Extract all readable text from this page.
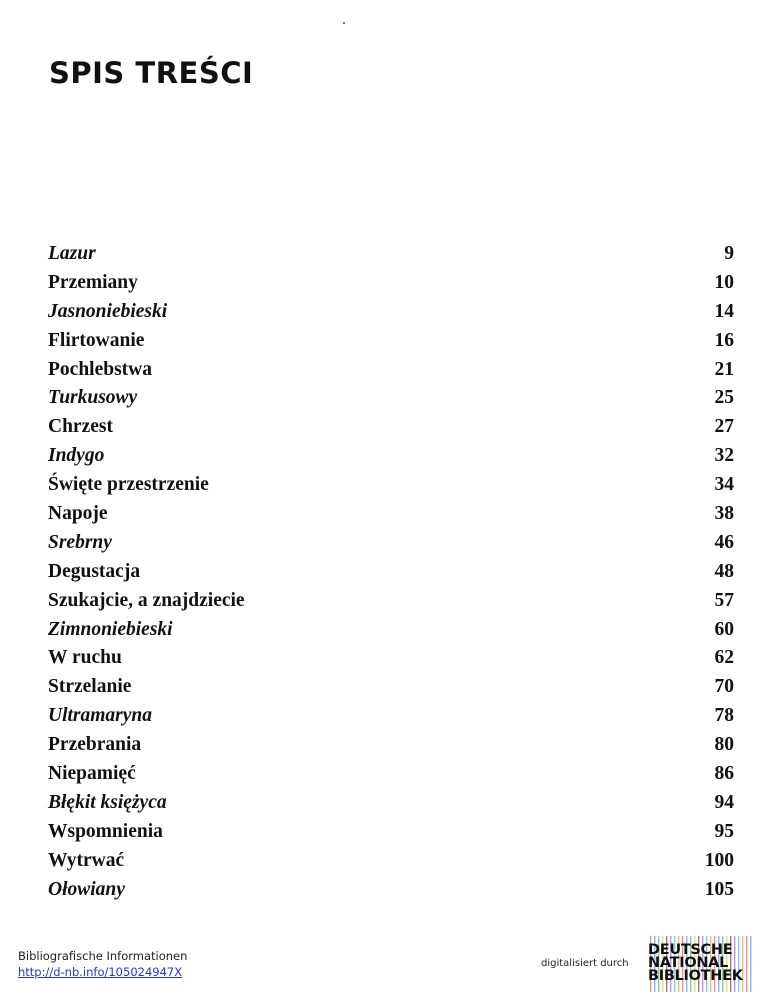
SPIS TREŚCI
Lazur	9
Przemiany	10
Jasnoniebieski	14
Flirtowanie	16
Pochlebstwa	21
Turkusowy	25
Chrzest	27
Indygo	32
Święte przestrzenie	34
Napoje	38
Srebrny	46
Degustacja	48
Szukajcie, a znajdziecie	57
Zimnoniebieski	60
W ruchu	62
Strzelanie	70
Ultramaryna	78
Przebrania	80
Niepamięć	86
Błękit księżyca	94
Wspomnienia	95
Wytrwać	100
Ołowiany	105
Bibliografische Informationen
http://d-nb.info/105024947X
digitalisiert durch
DEUTSCHE
NATIONAL
BIBLIOTHEK
